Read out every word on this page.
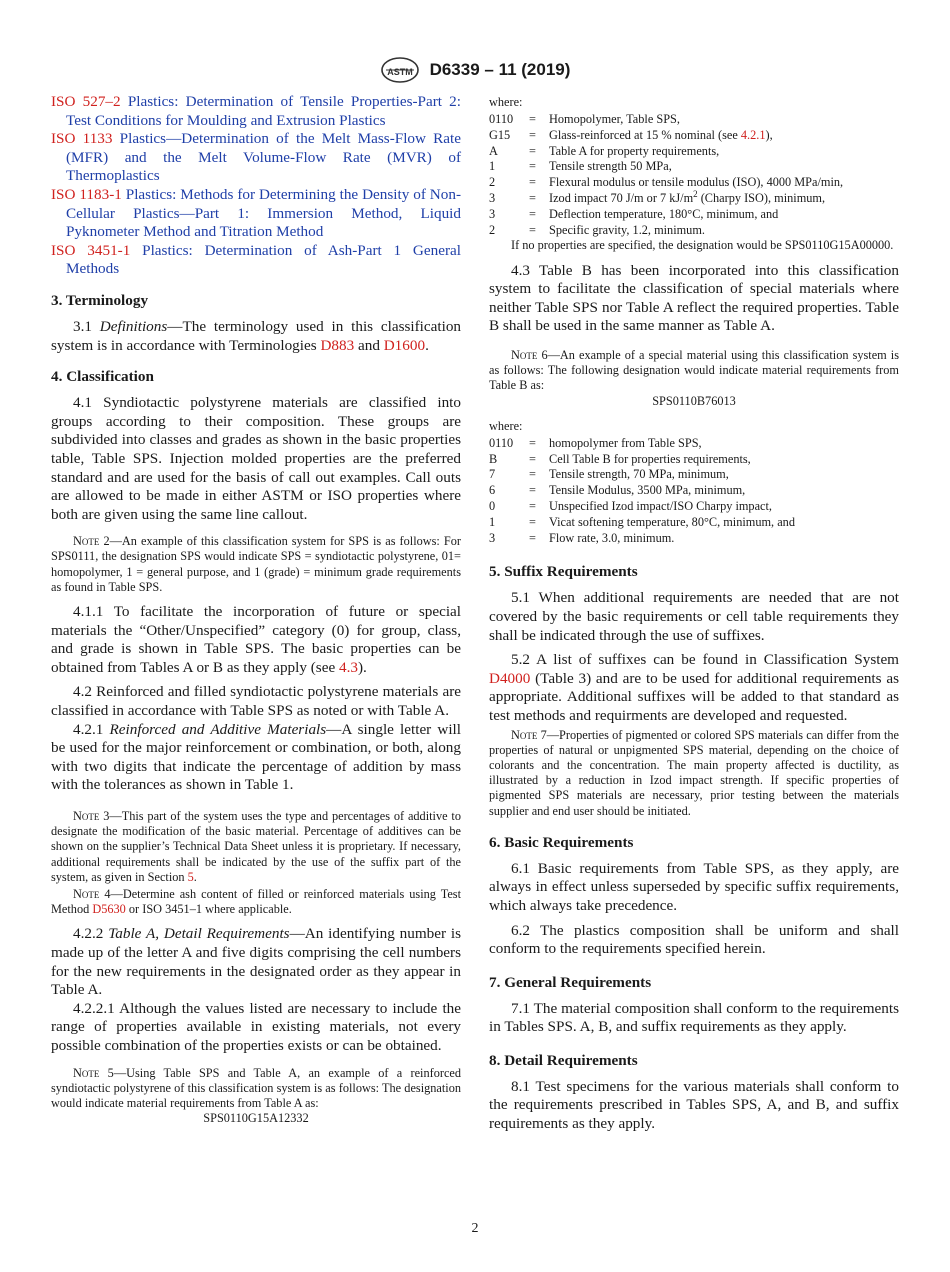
ASTM D6339 – 11 (2019)

ISO 527–2 Plastics: Determination of Tensile Properties-Part 2: Test Conditions for Moulding and Extrusion Plastics

ISO 1133 Plastics—Determination of the Melt Mass-Flow Rate (MFR) and the Melt Volume-Flow Rate (MVR) of Thermoplastics

ISO 1183-1 Plastics: Methods for Determining the Density of Non-Cellular Plastics—Part 1: Immersion Method, Liquid Pyknometer Method and Titration Method

ISO 3451-1 Plastics: Determination of Ash-Part 1 General Methods

3. Terminology

3.1 Definitions—The terminology used in this classification system is in accordance with Terminologies D883 and D1600.

4. Classification

4.1 Syndiotactic polystyrene materials are classified into groups according to their composition. These groups are subdivided into classes and grades as shown in the basic properties table, Table SPS. Injection molded properties are the preferred standard and are used for the basis of call out examples. Call outs are allowed to be made in either ASTM or ISO properties where both are given using the same line callout.

Note 2—An example of this classification system for SPS is as follows: For SPS0111, the designation SPS would indicate SPS = syndiotactic polystyrene, 01= homopolymer, 1 = general purpose, and 1 (grade) = minimum grade requirements as found in Table SPS.

4.1.1 To facilitate the incorporation of future or special materials the “Other/Unspecified” category (0) for group, class, and grade is shown in Table SPS. The basic properties can be obtained from Tables A or B as they apply (see 4.3).

4.2 Reinforced and filled syndiotactic polystyrene materials are classified in accordance with Table SPS as noted or with Table A.

4.2.1 Reinforced and Additive Materials—A single letter will be used for the major reinforcement or combination, or both, along with two digits that indicate the percentage of addition by mass with the tolerances as shown in Table 1.

Note 3—This part of the system uses the type and percentages of additive to designate the modification of the basic material. Percentage of additives can be shown on the supplier’s Technical Data Sheet unless it is proprietary. If necessary, additional requirements shall be indicated by the use of the suffix part of the system, as given in Section 5.

Note 4—Determine ash content of filled or reinforced materials using Test Method D5630 or ISO 3451–1 where applicable.

4.2.2 Table A, Detail Requirements—An identifying number is made up of the letter A and five digits comprising the cell numbers for the new requirements in the designated order as they appear in Table A.

4.2.2.1 Although the values listed are necessary to include the range of properties available in existing materials, not every possible combination of the properties exists or can be obtained.

Note 5—Using Table SPS and Table A, an example of a reinforced syndiotactic polystyrene of this classification system is as follows: The designation would indicate material requirements from Table A as:

SPS0110G15A12332

where:

0110	=	Homopolymer, Table SPS,
G15	=	Glass-reinforced at 15 % nominal (see 4.2.1),
A	=	Table A for property requirements,
1	=	Tensile strength 50 MPa,
2	=	Flexural modulus or tensile modulus (ISO), 4000 MPa/min,
3	=	Izod impact 70 J/m or 7 $kJ/m^2$ (Charpy ISO), minimum,
3	=	Deflection temperature, 180°C, minimum, and
2	=	Specific gravity, 1.2, minimum.

If no properties are specified, the designation would be SPS0110G15A00000.

4.3 Table B has been incorporated into this classification system to facilitate the classification of special materials where neither Table SPS nor Table A reflect the required properties. Table B shall be used in the same manner as Table A.

Note 6—An example of a special material using this classification system is as follows: The following designation would indicate material requirements from Table B as:

SPS0110B76013

where:

0110	=	homopolymer from Table SPS,
B	=	Cell Table B for properties requirements,
7	=	Tensile strength, 70 MPa, minimum,
6	=	Tensile Modulus, 3500 MPa, minimum,
0	=	Unspecified Izod impact/ISO Charpy impact,
1	=	Vicat softening temperature, 80°C, minimum, and
3	=	Flow rate, 3.0, minimum.

5. Suffix Requirements

5.1 When additional requirements are needed that are not covered by the basic requirements or cell table requirements they shall be indicated through the use of suffixes.

5.2 A list of suffixes can be found in Classification System D4000 (Table 3) and are to be used for additional requirements as appropriate. Additional suffixes will be added to that standard as test methods and requirments are developed and requested.

Note 7—Properties of pigmented or colored SPS materials can differ from the properties of natural or unpigmented SPS material, depending on the choice of colorants and the concentration. The main property affected is ductility, as illustrated by a reduction in Izod impact strength. If specific properties of pigmented SPS materials are necessary, prior testing between the materials supplier and end user should be initiated.

6. Basic Requirements

6.1 Basic requirements from Table SPS, as they apply, are always in effect unless superseded by specific suffix requirements, which always take precedence.

6.2 The plastics composition shall be uniform and shall conform to the requirements specified herein.

7. General Requirements

7.1 The material composition shall conform to the requirements in Tables SPS. A, B, and suffix requirements as they apply.

8. Detail Requirements

8.1 Test specimens for the various materials shall conform to the requirements prescribed in Tables SPS, A, and B, and suffix requirements as they apply.

2
